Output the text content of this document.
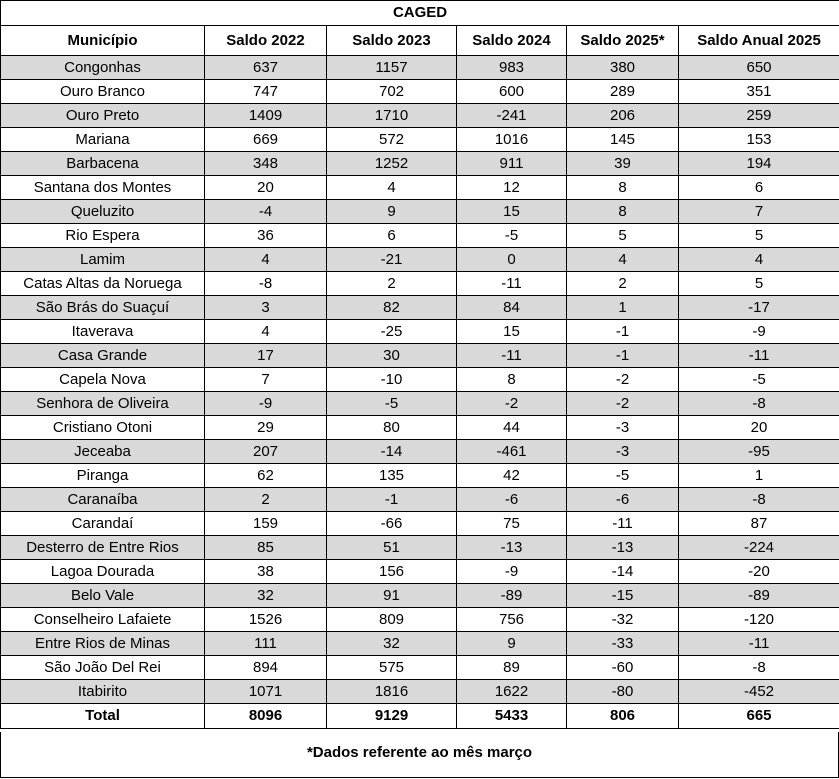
CAGED					
Município	Saldo 2022	Saldo 2023	Saldo 2024	Saldo 2025*	Saldo Anual 2025
Congonhas	637	1157	983	380	650
Ouro Branco	747	702	600	289	351
Ouro Preto	1409	1710	-241	206	259
Mariana	669	572	1016	145	153
Barbacena	348	1252	911	39	194
Santana dos Montes	20	4	12	8	6
Queluzito	-4	9	15	8	7
Rio Espera	36	6	-5	5	5
Lamim	4	-21	0	4	4
Catas Altas da Noruega	-8	2	-11	2	5
São Brás do Suaçuí	3	82	84	1	-17
Itaverava	4	-25	15	-1	-9
Casa Grande	17	30	-11	-1	-11
Capela Nova	7	-10	8	-2	-5
Senhora de Oliveira	-9	-5	-2	-2	-8
Cristiano Otoni	29	80	44	-3	20
Jeceaba	207	-14	-461	-3	-95
Piranga	62	135	42	-5	1
Caranaíba	2	-1	-6	-6	-8
Carandaí	159	-66	75	-11	87
Desterro de Entre Rios	85	51	-13	-13	-224
Lagoa Dourada	38	156	-9	-14	-20
Belo Vale	32	91	-89	-15	-89
Conselheiro Lafaiete	1526	809	756	-32	-120
Entre Rios de Minas	111	32	9	-33	-11
São João Del Rei	894	575	89	-60	-8
Itabirito	1071	1816	1622	-80	-452
Total	8096	9129	5433	806	665
*Dados referente ao mês março
